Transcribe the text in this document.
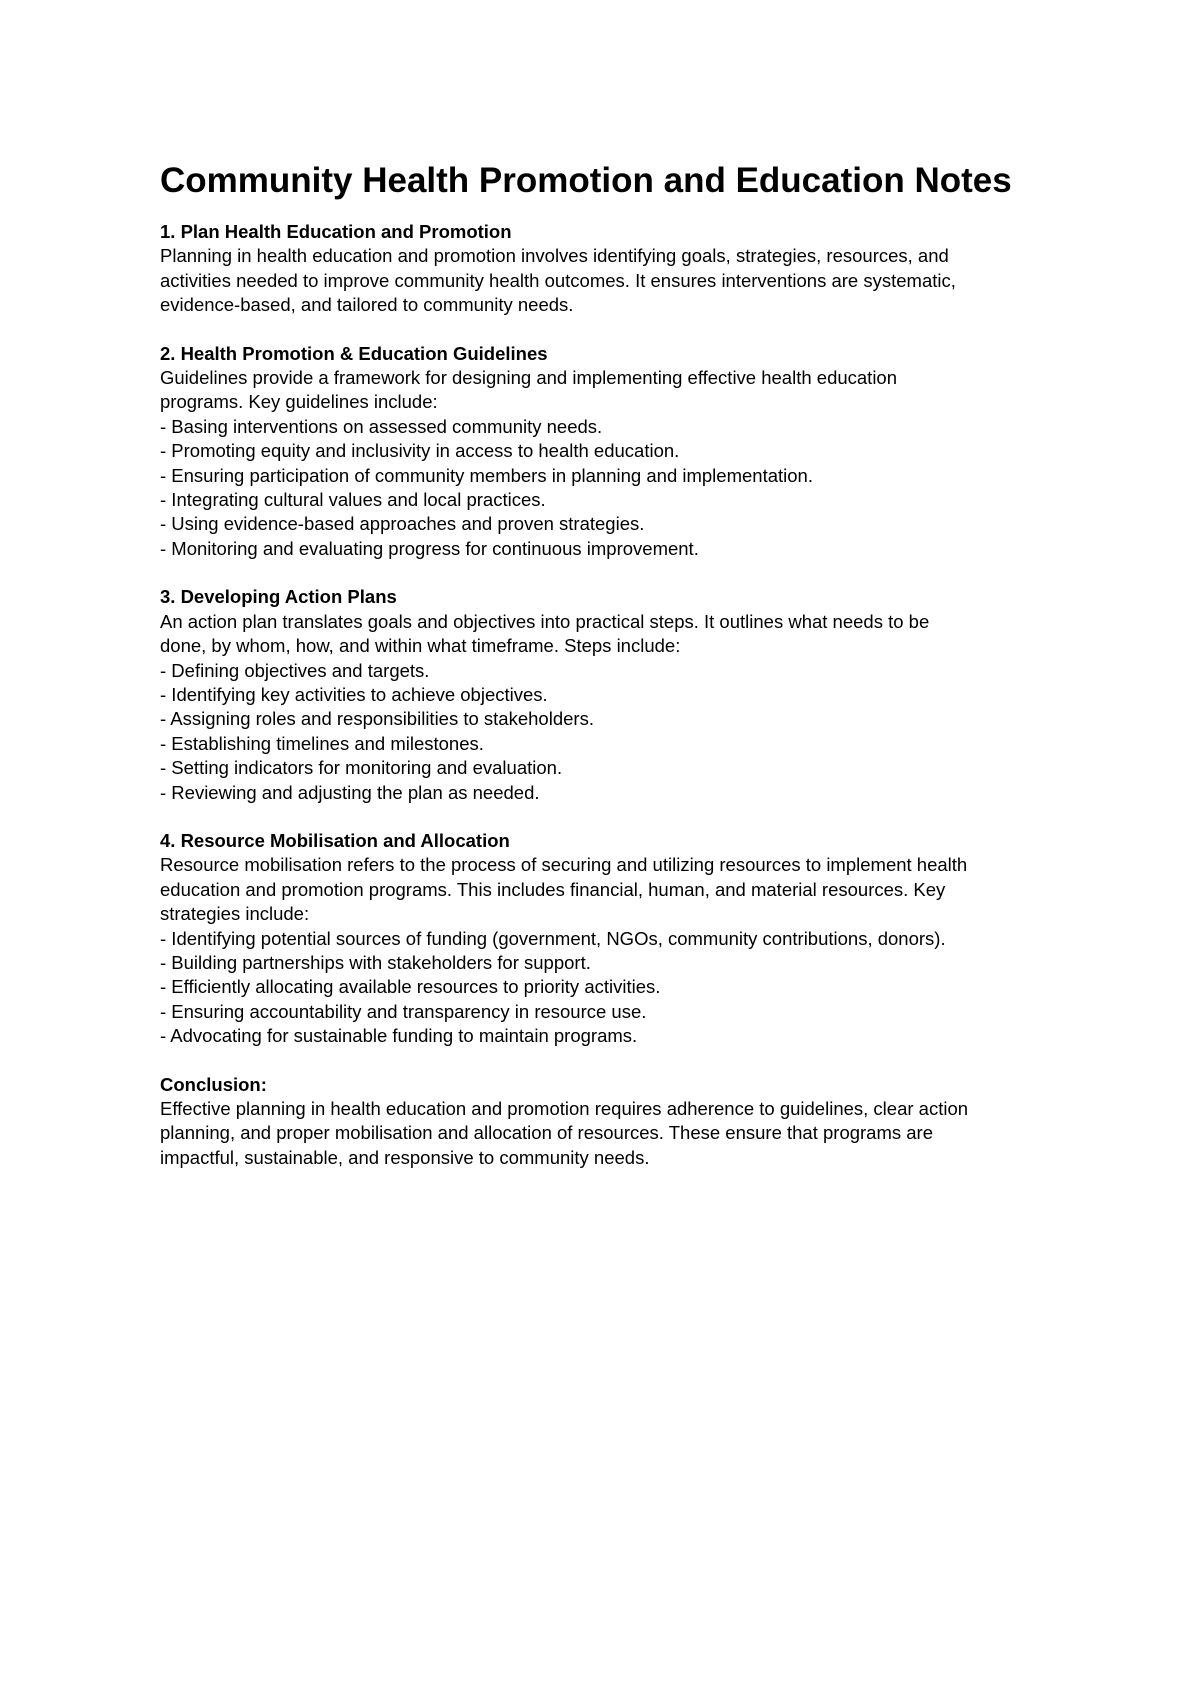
Community Health Promotion and Education Notes
1. Plan Health Education and Promotion
Planning in health education and promotion involves identifying goals, strategies, resources, and
activities needed to improve community health outcomes. It ensures interventions are systematic,
evidence-based, and tailored to community needs.
2. Health Promotion & Education Guidelines
Guidelines provide a framework for designing and implementing effective health education
programs. Key guidelines include:
- Basing interventions on assessed community needs.
- Promoting equity and inclusivity in access to health education.
- Ensuring participation of community members in planning and implementation.
- Integrating cultural values and local practices.
- Using evidence-based approaches and proven strategies.
- Monitoring and evaluating progress for continuous improvement.
3. Developing Action Plans
An action plan translates goals and objectives into practical steps. It outlines what needs to be
done, by whom, how, and within what timeframe. Steps include:
- Defining objectives and targets.
- Identifying key activities to achieve objectives.
- Assigning roles and responsibilities to stakeholders.
- Establishing timelines and milestones.
- Setting indicators for monitoring and evaluation.
- Reviewing and adjusting the plan as needed.
4. Resource Mobilisation and Allocation
Resource mobilisation refers to the process of securing and utilizing resources to implement health
education and promotion programs. This includes financial, human, and material resources. Key
strategies include:
- Identifying potential sources of funding (government, NGOs, community contributions, donors).
- Building partnerships with stakeholders for support.
- Efficiently allocating available resources to priority activities.
- Ensuring accountability and transparency in resource use.
- Advocating for sustainable funding to maintain programs.
Conclusion:
Effective planning in health education and promotion requires adherence to guidelines, clear action
planning, and proper mobilisation and allocation of resources. These ensure that programs are
impactful, sustainable, and responsive to community needs.
